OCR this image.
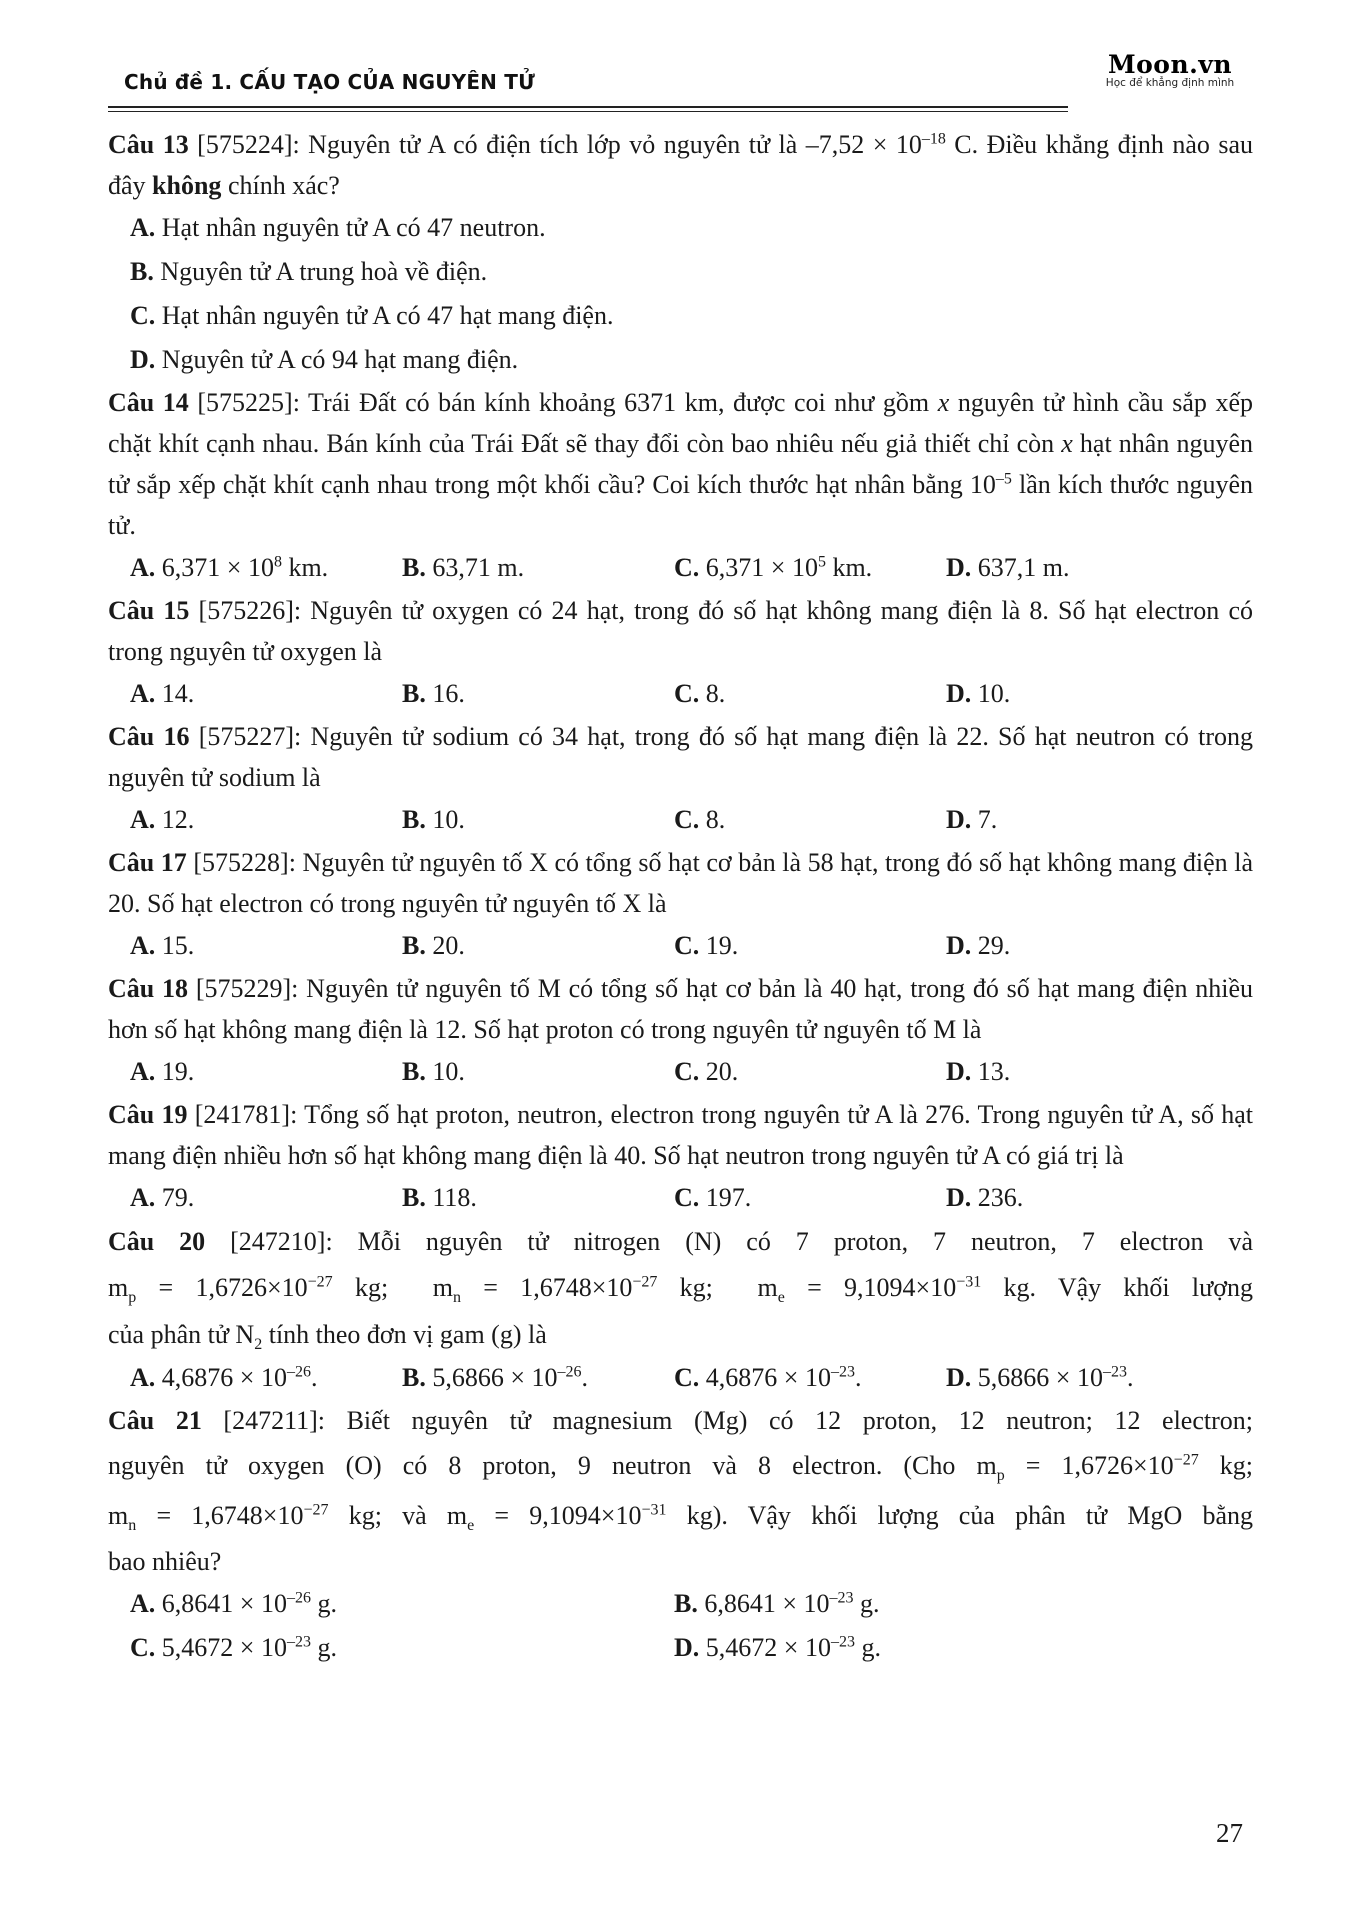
Chủ đề 1. CẤU TẠO CỦA NGUYÊN TỬ
Moon.vn
Học để khẳng định mình

Câu 13 [575224]: Nguyên tử A có điện tích lớp vỏ nguyên tử là $-7,52 \times 10^{-18}$ C. Điều khẳng định nào sau đây không chính xác?

A. Hạt nhân nguyên tử A có 47 neutron.
B. Nguyên tử A trung hoà về điện.
C. Hạt nhân nguyên tử A có 47 hạt mang điện.
D. Nguyên tử A có 94 hạt mang điện.

Câu 14 [575225]: Trái Đất có bán kính khoảng 6371 km, được coi như gồm x nguyên tử hình cầu sắp xếp chặt khít cạnh nhau. Bán kính của Trái Đất sẽ thay đổi còn bao nhiêu nếu giả thiết chỉ còn x hạt nhân nguyên tử sắp xếp chặt khít cạnh nhau trong một khối cầu? Coi kích thước hạt nhân bằng $10^{-5}$ lần kích thước nguyên tử.

A. $6,371 \times 10^8$ km.	B. 63,71 m.	C. $6,371 \times 10^5$ km.	D. 637,1 m.

Câu 15 [575226]: Nguyên tử oxygen có 24 hạt, trong đó số hạt không mang điện là 8. Số hạt electron có trong nguyên tử oxygen là

A. 14.	B. 16.	C. 8.	D. 10.

Câu 16 [575227]: Nguyên tử sodium có 34 hạt, trong đó số hạt mang điện là 22. Số hạt neutron có trong nguyên tử sodium là

A. 12.	B. 10.	C. 8.	D. 7.

Câu 17 [575228]: Nguyên tử nguyên tố X có tổng số hạt cơ bản là 58 hạt, trong đó số hạt không mang điện là 20. Số hạt electron có trong nguyên tử nguyên tố X là

A. 15.	B. 20.	C. 19.	D. 29.

Câu 18 [575229]: Nguyên tử nguyên tố M có tổng số hạt cơ bản là 40 hạt, trong đó số hạt mang điện nhiều hơn số hạt không mang điện là 12. Số hạt proton có trong nguyên tử nguyên tố M là

A. 19.	B. 10.	C. 20.	D. 13.

Câu 19 [241781]: Tổng số hạt proton, neutron, electron trong nguyên tử A là 276. Trong nguyên tử A, số hạt mang điện nhiều hơn số hạt không mang điện là 40. Số hạt neutron trong nguyên tử A có giá trị là

A. 79.	B. 118.	C. 197.	D. 236.

Câu 20 [247210]: Mỗi nguyên tử nitrogen (N) có 7 proton, 7 neutron, 7 electron và

$m_p = 1,6726\times 10^{-27}$ kg; $m_n = 1,6748\times 10^{-27}$ kg; $m_e = 9,1094\times 10^{-31}$ kg. Vậy khối lượng

của phân tử $N_2$ tính theo đơn vị gam (g) là

A. $4,6876 \times 10^{-26}$.	B. $5,6866 \times 10^{-26}$.	C. $4,6876 \times 10^{-23}$.	D. $5,6866 \times 10^{-23}$.

Câu 21 [247211]: Biết nguyên tử magnesium (Mg) có 12 proton, 12 neutron; 12 electron;

nguyên tử oxygen (O) có 8 proton, 9 neutron và 8 electron. (Cho $m_p = 1,6726\times 10^{-27}$ kg;

$m_n = 1,6748\times 10^{-27}$ kg; và $m_e = 9,1094\times 10^{-31}$ kg). Vậy khối lượng của phân tử MgO bằng

bao nhiêu?

A. $6,8641 \times 10^{-26}$ g.	B. $6,8641 \times 10^{-23}$ g.
C. $5,4672 \times 10^{-23}$ g.	D. $5,4672 \times 10^{-23}$ g.
27
